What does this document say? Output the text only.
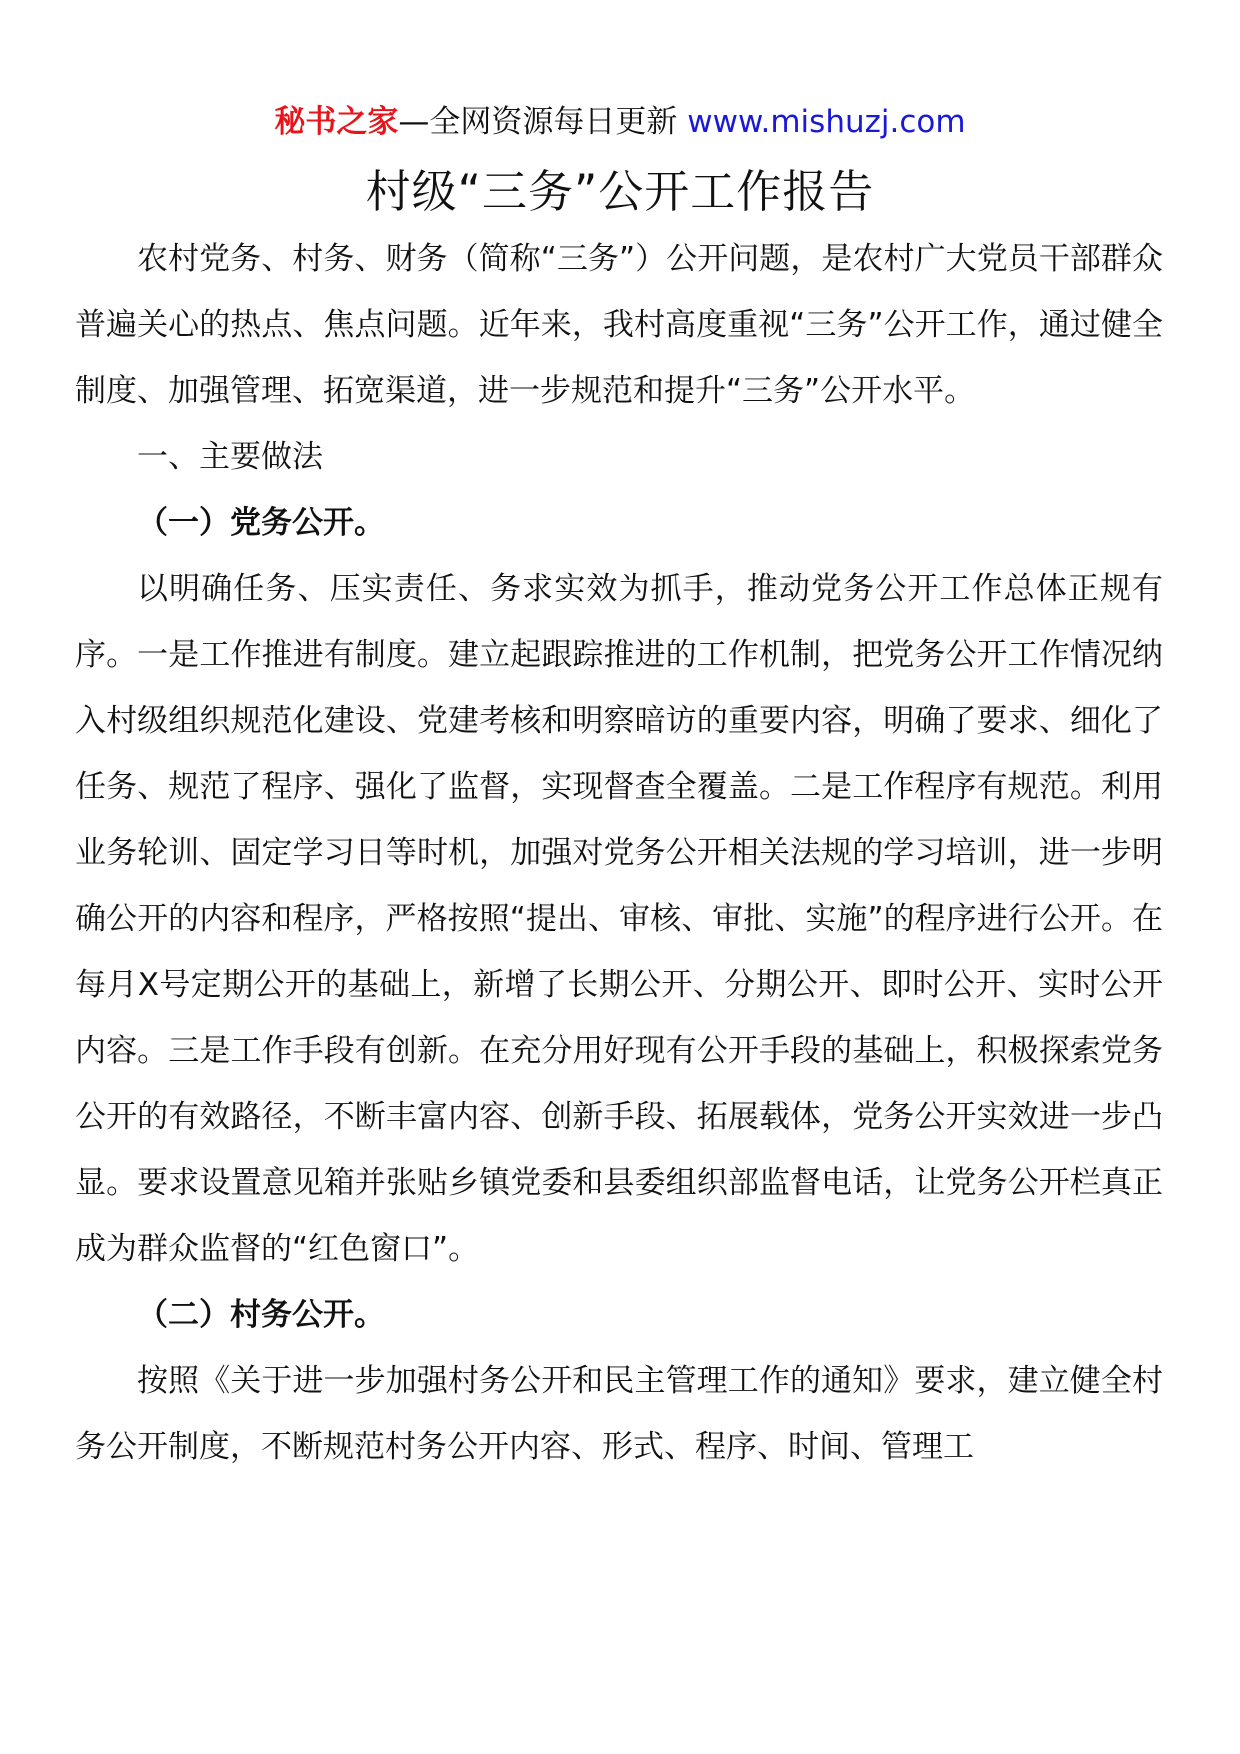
秘书之家—全网资源每日更新 www.mishuzj.com
村级“三务”公开工作报告

农村党务、村务、财务（简称“三务”）公开问题，是农村广大党员干部群众普遍关心的热点、焦点问题。近年来，我村高度重视“三务”公开工作，通过健全制度、加强管理、拓宽渠道，进一步规范和提升“三务”公开水平。

一、主要做法

（一）党务公开。

以明确任务、压实责任、务求实效为抓手，推动党务公开工作总体正规有序。一是工作推进有制度。建立起跟踪推进的工作机制，把党务公开工作情况纳入村级组织规范化建设、党建考核和明察暗访的重要内容，明确了要求、细化了任务、规范了程序、强化了监督，实现督查全覆盖。二是工作程序有规范。利用业务轮训、固定学习日等时机，加强对党务公开相关法规的学习培训，进一步明确公开的内容和程序，严格按照“提出、审核、审批、实施”的程序进行公开。在每月X号定期公开的基础上，新增了长期公开、分期公开、即时公开、实时公开内容。三是工作手段有创新。在充分用好现有公开手段的基础上，积极探索党务公开的有效路径，不断丰富内容、创新手段、拓展载体，党务公开实效进一步凸显。要求设置意见箱并张贴乡镇党委和县委组织部监督电话，让党务公开栏真正成为群众监督的“红色窗口”。

（二）村务公开。

按照《关于进一步加强村务公开和民主管理工作的通知》要求，建立健全村务公开制度，不断规范村务公开内容、形式、程序、时间、管理工
